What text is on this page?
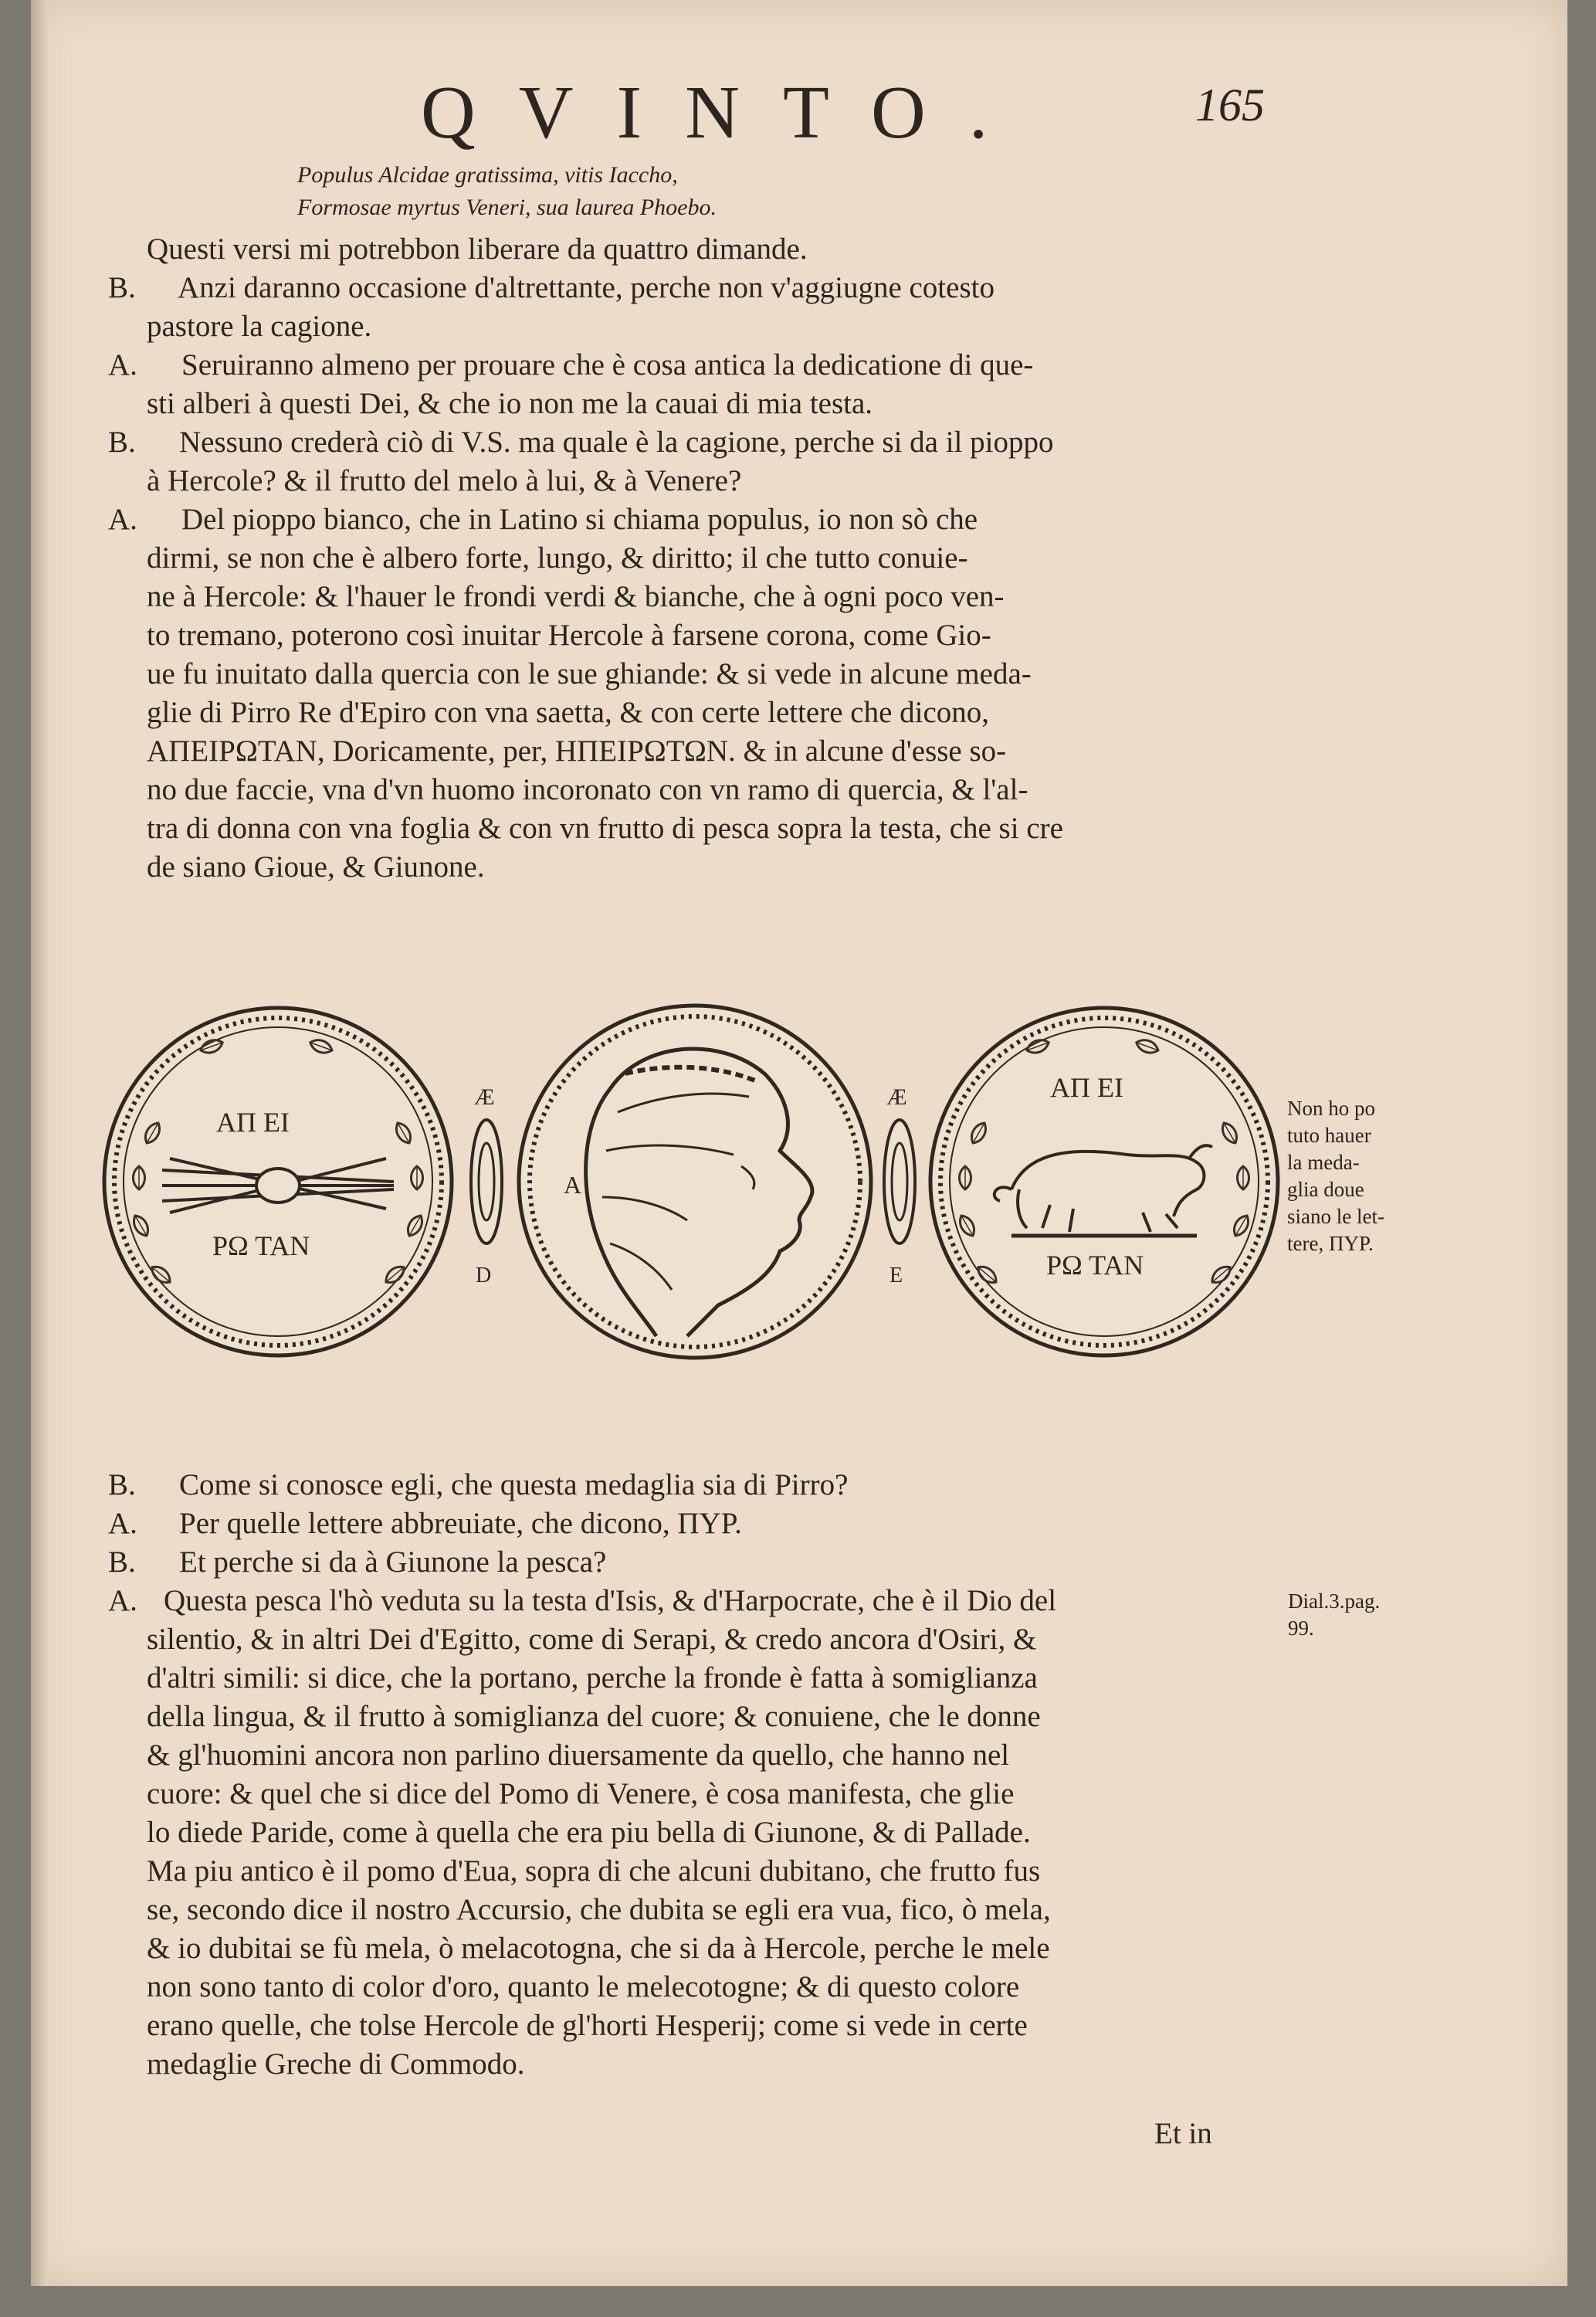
QVINTO.	165
Populus Alcidae gratissima, vitis Iaccho,
Formosae myrtus Veneri, sua laurea Phoebo.
Questi versi mi potrebbon liberare da quattro dimande.
B. Anzi daranno occasione d'altrettante, perche non v'aggiugne cotesto
pastore la cagione.
A. Seruiranno almeno per prouare che è cosa antica la dedicatione di que-
sti alberi à questi Dei, & che io non me la cauai di mia testa.
B. Nessuno crederà ciò di V.S. ma quale è la cagione, perche si da il pioppo
à Hercole? & il frutto del melo à lui, & à Venere?
A. Del pioppo bianco, che in Latino si chiama populus, io non sò che
dirmi, se non che è albero forte, lungo, & diritto; il che tutto conuie-
ne à Hercole: & l'hauer le frondi verdi & bianche, che à ogni poco ven-
to tremano, poterono così inuitar Hercole à farsene corona, come Gio-
ue fu inuitato dalla quercia con le sue ghiande: & si vede in alcune meda-
glie di Pirro Re d'Epiro con vna saetta, & con certe lettere che dicono,
ΑΠΕΙΡΩΤΑΝ, Doricamente, per, ΗΠΕΙΡΩΤΩΝ. & in alcune d'esse so-
no due faccie, vna d'vn huomo incoronato con vn ramo di quercia, & l'al-
tra di donna con vna foglia & con vn frutto di pesca sopra la testa, che si cre
de siano Gioue, & Giunone.
ΑΠ ΕΙ
ΡΩ ΤΑΝ
Æ
D
A
Æ
E
ΑΠ ΕΙ
ΡΩ ΤΑΝ
Non ho po
tuto hauer
la meda-
glia doue
siano le let-
tere, ΠΥΡ.
B. Come si conosce egli, che questa medaglia sia di Pirro?
A. Per quelle lettere abbreuiate, che dicono, ΠΥΡ.
B. Et perche si da à Giunone la pesca?
A. Questa pesca l'hò veduta su la testa d'Isis, & d'Harpocrate, che è il Dio del
silentio, & in altri Dei d'Egitto, come di Serapi, & credo ancora d'Osiri, &
d'altri simili: si dice, che la portano, perche la fronde è fatta à somiglianza
della lingua, & il frutto à somiglianza del cuore; & conuiene, che le donne
& gl'huomini ancora non parlino diuersamente da quello, che hanno nel
cuore: & quel che si dice del Pomo di Venere, è cosa manifesta, che glie
lo diede Paride, come à quella che era piu bella di Giunone, & di Pallade.
Ma piu antico è il pomo d'Eua, sopra di che alcuni dubitano, che frutto fus
se, secondo dice il nostro Accursio, che dubita se egli era vua, fico, ò mela,
& io dubitai se fù mela, ò melacotogna, che si da à Hercole, perche le mele
non sono tanto di color d'oro, quanto le melecotogne; & di questo colore
erano quelle, che tolse Hercole de gl'horti Hesperij; come si vede in certe
medaglie Greche di Commodo.
Dial.3.pag.
99.
Et in
